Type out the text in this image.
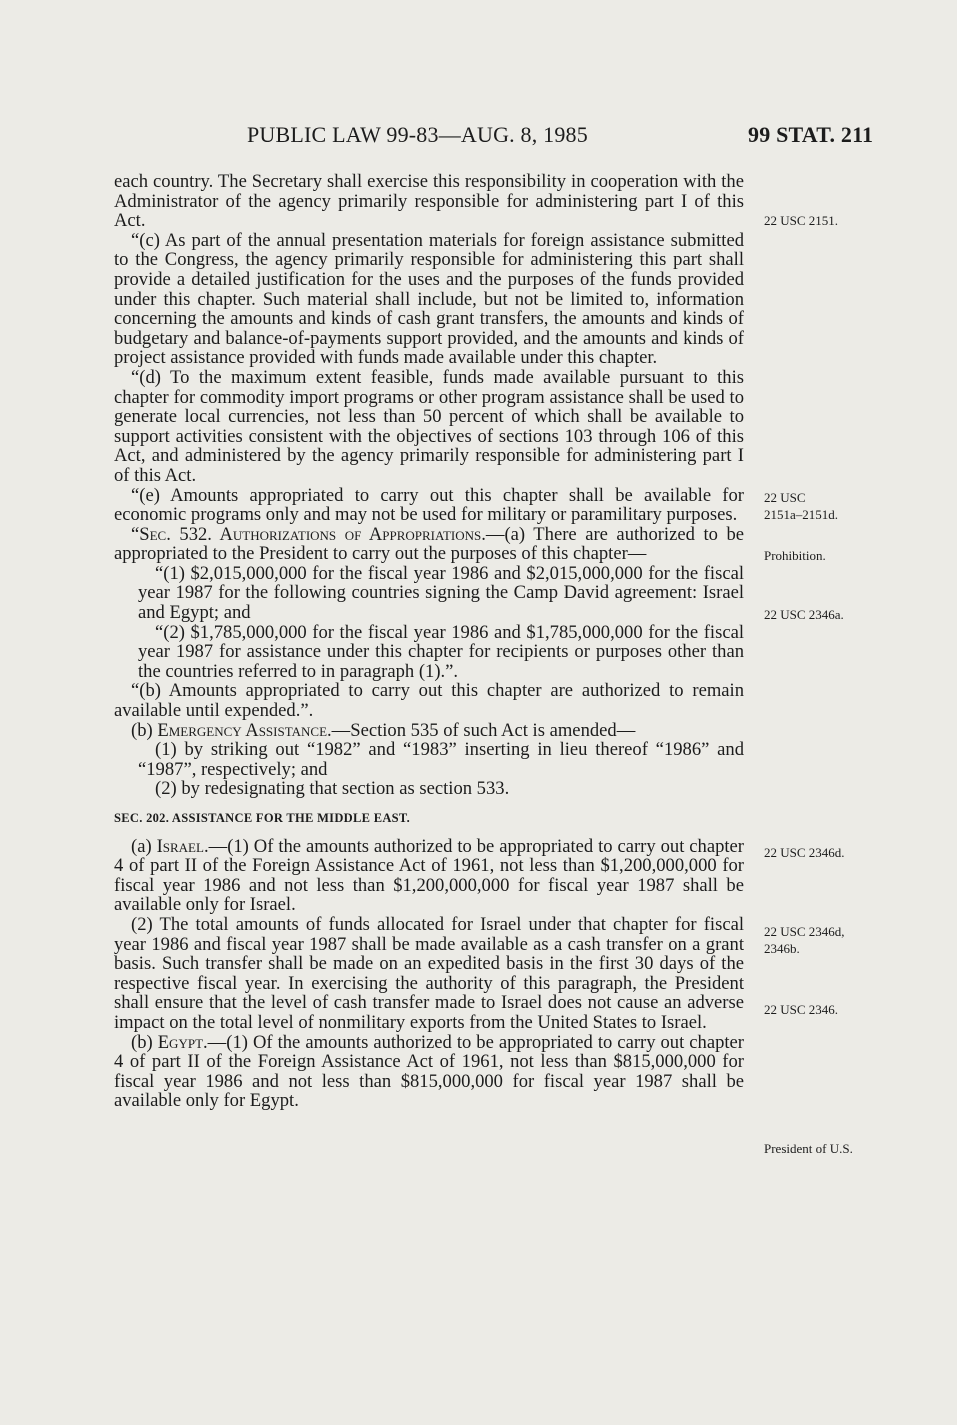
PUBLIC LAW 99-83—AUG. 8, 1985	99 STAT. 211

each country. The Secretary shall exercise this responsibility in cooperation with the Administrator of the agency primarily responsible for administering part I of this Act.

“(c) As part of the annual presentation materials for foreign assistance submitted to the Congress, the agency primarily responsible for administering this part shall provide a detailed justification for the uses and the purposes of the funds provided under this chapter. Such material shall include, but not be limited to, information concerning the amounts and kinds of cash grant transfers, the amounts and kinds of budgetary and balance-of-payments support provided, and the amounts and kinds of project assistance provided with funds made available under this chapter.

“(d) To the maximum extent feasible, funds made available pursuant to this chapter for commodity import programs or other program assistance shall be used to generate local currencies, not less than 50 percent of which shall be available to support activities consistent with the objectives of sections 103 through 106 of this Act, and administered by the agency primarily responsible for administering part I of this Act.

“(e) Amounts appropriated to carry out this chapter shall be available for economic programs only and may not be used for military or paramilitary purposes.

“Sec. 532. Authorizations of Appropriations.—(a) There are authorized to be appropriated to the President to carry out the purposes of this chapter—

“(1) $2,015,000,000 for the fiscal year 1986 and $2,015,000,000 for the fiscal year 1987 for the following countries signing the Camp David agreement: Israel and Egypt; and

“(2) $1,785,000,000 for the fiscal year 1986 and $1,785,000,000 for the fiscal year 1987 for assistance under this chapter for recipients or purposes other than the countries referred to in paragraph (1).”.

“(b) Amounts appropriated to carry out this chapter are authorized to remain available until expended.”.

(b) Emergency Assistance.—Section 535 of such Act is amended—

(1) by striking out “1982” and “1983” inserting in lieu thereof “1986” and “1987”, respectively; and

(2) by redesignating that section as section 533.

SEC. 202. ASSISTANCE FOR THE MIDDLE EAST.

(a) Israel.—(1) Of the amounts authorized to be appropriated to carry out chapter 4 of part II of the Foreign Assistance Act of 1961, not less than $1,200,000,000 for fiscal year 1986 and not less than $1,200,000,000 for fiscal year 1987 shall be available only for Israel.

(2) The total amounts of funds allocated for Israel under that chapter for fiscal year 1986 and fiscal year 1987 shall be made available as a cash transfer on a grant basis. Such transfer shall be made on an expedited basis in the first 30 days of the respective fiscal year. In exercising the authority of this paragraph, the President shall ensure that the level of cash transfer made to Israel does not cause an adverse impact on the total level of nonmilitary exports from the United States to Israel.

(b) Egypt.—(1) Of the amounts authorized to be appropriated to carry out chapter 4 of part II of the Foreign Assistance Act of 1961, not less than $815,000,000 for fiscal year 1986 and not less than $815,000,000 for fiscal year 1987 shall be available only for Egypt.

22 USC 2151.
22 USC
2151a–2151d.
Prohibition.
22 USC 2346a.
22 USC 2346d.
22 USC 2346d,
2346b.
22 USC 2346.
President of U.S.
